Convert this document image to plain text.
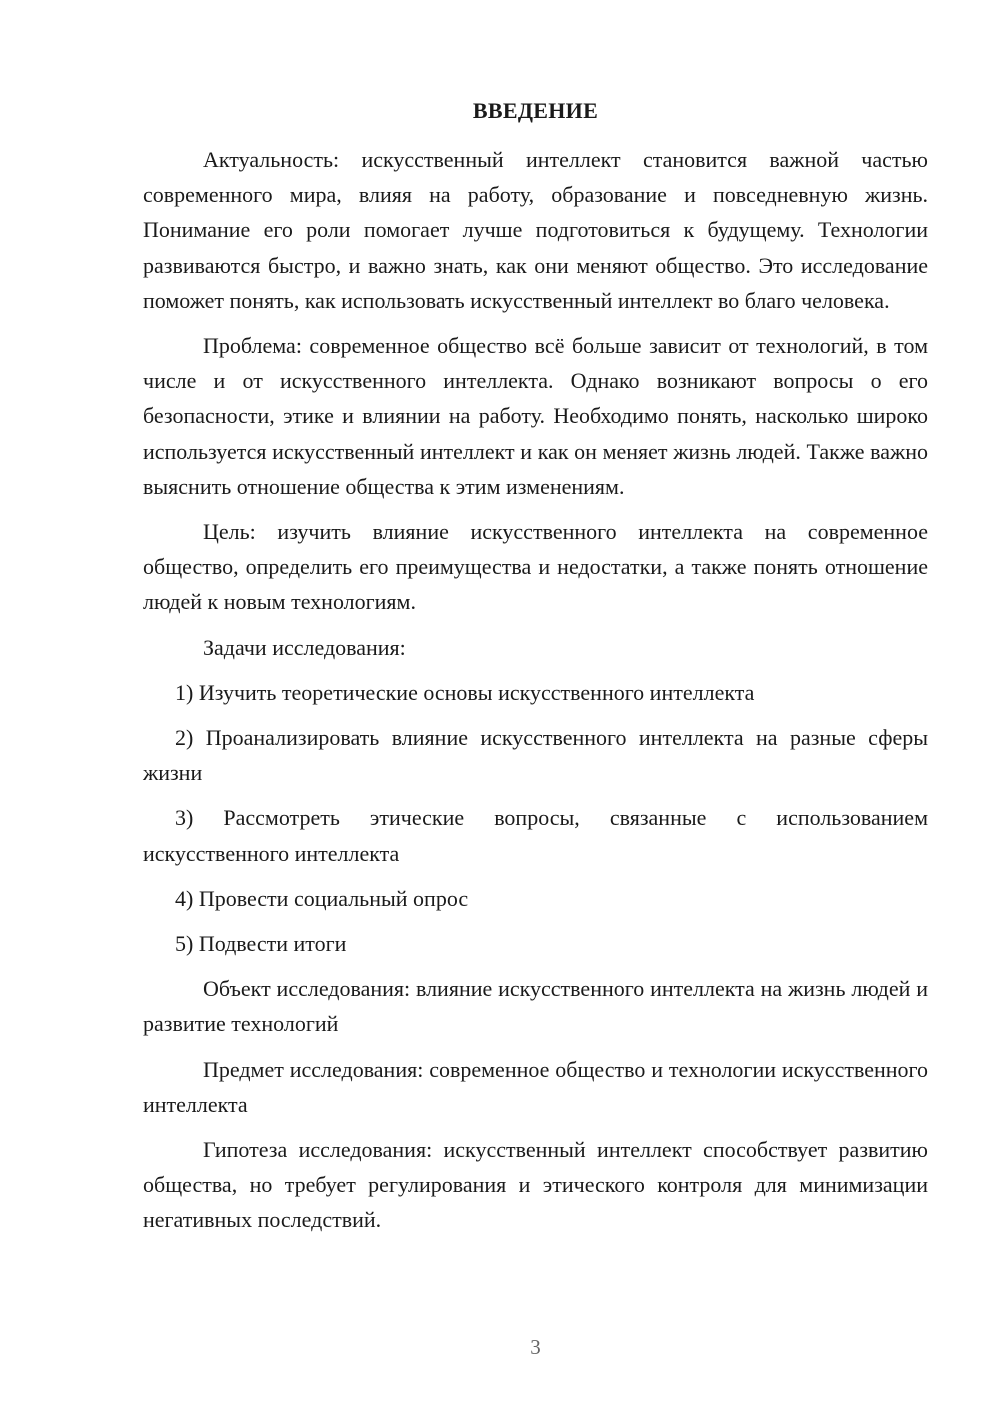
ВВЕДЕНИЕ

Актуальность: искусственный интеллект становится важной частью современного мира, влияя на работу, образование и повседневную жизнь. Понимание его роли помогает лучше подготовиться к будущему. Технологии развиваются быстро, и важно знать, как они меняют общество. Это исследование поможет понять, как использовать искусственный интеллект во благо человека.

Проблема: современное общество всё больше зависит от технологий, в том числе и от искусственного интеллекта. Однако возникают вопросы о его безопасности, этике и влиянии на работу. Необходимо понять, насколько широко используется искусственный интеллект и как он меняет жизнь людей. Также важно выяснить отношение общества к этим изменениям.

Цель: изучить влияние искусственного интеллекта на современное общество, определить его преимущества и недостатки, а также понять отношение людей к новым технологиям.

Задачи исследования:

1) Изучить теоретические основы искусственного интеллекта

2) Проанализировать влияние искусственного интеллекта на разные сферы жизни

3) Рассмотреть этические вопросы, связанные с использованием искусственного интеллекта

4) Провести социальный опрос

5) Подвести итоги

Объект исследования: влияние искусственного интеллекта на жизнь людей и развитие технологий

Предмет исследования: современное общество и технологии искусственного интеллекта

Гипотеза исследования: искусственный интеллект способствует развитию общества, но требует регулирования и этического контроля для минимизации негативных последствий.

3
